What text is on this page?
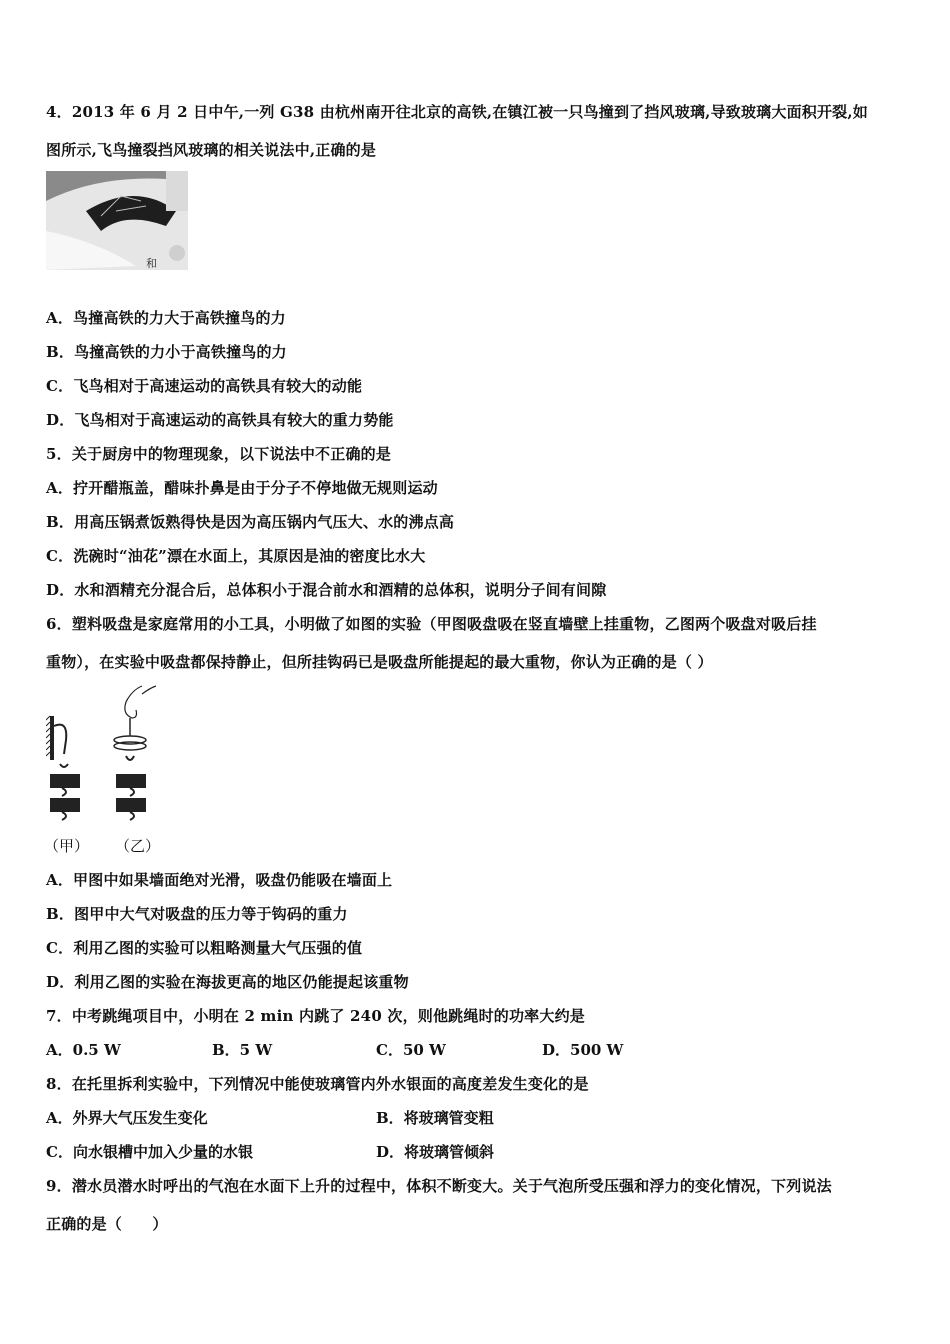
4．2013 年 6 月 2 日中午,一列 G38 由杭州南开往北京的高铁,在镇江被一只鸟撞到了挡风玻璃,导致玻璃大面积开裂,如
图所示,飞鸟撞裂挡风玻璃的相关说法中,正确的是
和
A．鸟撞高铁的力大于高铁撞鸟的力
B．鸟撞高铁的力小于高铁撞鸟的力
C．飞鸟相对于高速运动的高铁具有较大的动能
D．飞鸟相对于高速运动的高铁具有较大的重力势能
5．关于厨房中的物理现象，以下说法中不正确的是
A．拧开醋瓶盖，醋味扑鼻是由于分子不停地做无规则运动
B．用高压锅煮饭熟得快是因为高压锅内气压大、水的沸点高
C．洗碗时“油花”漂在水面上，其原因是油的密度比水大
D．水和酒精充分混合后，总体积小于混合前水和酒精的总体积，说明分子间有间隙
6．塑料吸盘是家庭常用的小工具，小明做了如图的实验（甲图吸盘吸在竖直墙壁上挂重物，乙图两个吸盘对吸后挂
重物），在实验中吸盘都保持静止，但所挂钩码已是吸盘所能提起的最大重物，你认为正确的是（ ）
（甲） （乙）
A．甲图中如果墙面绝对光滑，吸盘仍能吸在墙面上
B．图甲中大气对吸盘的压力等于钩码的重力
C．利用乙图的实验可以粗略测量大气压强的值
D．利用乙图的实验在海拔更高的地区仍能提起该重物
7．中考跳绳项目中，小明在 2 min 内跳了 240 次，则他跳绳时的功率大约是
A．0.5 W	B．5 W	C．50 W	D．500 W
8．在托里拆利实验中，下列情况中能使玻璃管内外水银面的高度差发生变化的是
A．外界大气压发生变化	B．将玻璃管变粗
C．向水银槽中加入少量的水银	D．将玻璃管倾斜
9．潜水员潜水时呼出的气泡在水面下上升的过程中，体积不断变大。关于气泡所受压强和浮力的变化情况，下列说法
正确的是（　　）
